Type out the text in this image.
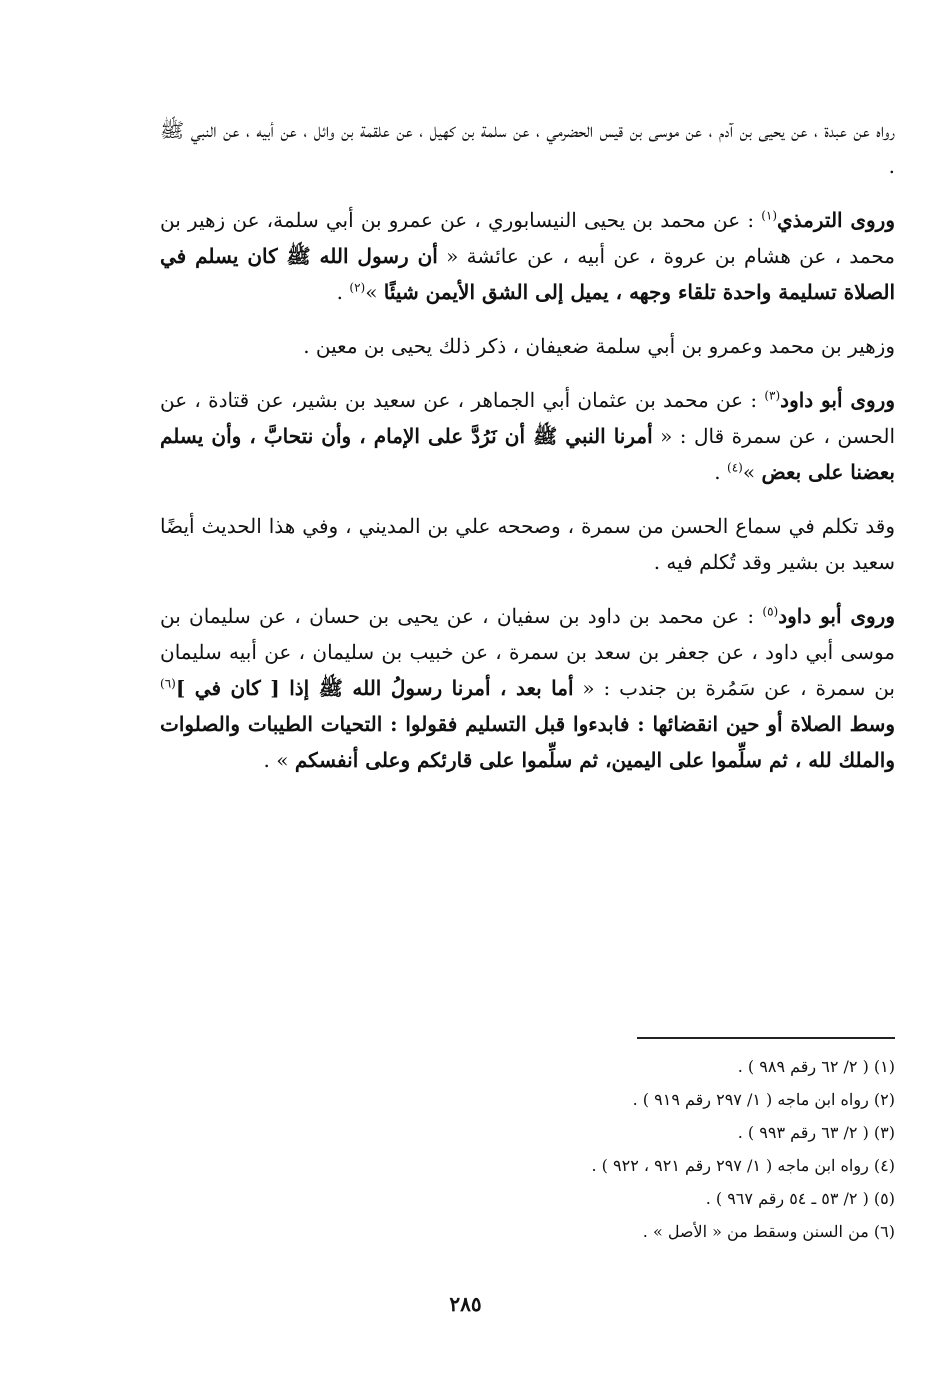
رواه عن عبدة ، عن يحيى بن آدم ، عن موسى بن قيس الحضرمي ، عن سلمة بن كهيل ، عن علقمة بن وائل ، عن أبيه ، عن النبي ﷺ .

وروى الترمذي$^{(١)}$ : عن محمد بن يحيى النيسابوري ، عن عمرو بن أبي سلمة، عن زهير بن محمد ، عن هشام بن عروة ، عن أبيه ، عن عائشة « أن رسول الله ﷺ كان يسلم في الصلاة تسليمة واحدة تلقاء وجهه ، يميل إلى الشق الأيمن شيئًا »$^{(٢)}$ .

وزهير بن محمد وعمرو بن أبي سلمة ضعيفان ، ذكر ذلك يحيى بن معين .

وروى أبو داود$^{(٣)}$ : عن محمد بن عثمان أبي الجماهر ، عن سعيد بن بشير، عن قتادة ، عن الحسن ، عن سمرة قال : « أمرنا النبي ﷺ أن نَرُدَّ على الإمام ، وأن نتحابَّ ، وأن يسلم بعضنا على بعض »$^{(٤)}$ .

وقد تكلم في سماع الحسن من سمرة ، وصححه علي بن المديني ، وفي هذا الحديث أيضًا سعيد بن بشير وقد تُكلم فيه .

وروى أبو داود$^{(٥)}$ : عن محمد بن داود بن سفيان ، عن يحيى بن حسان ، عن سليمان بن موسى أبي داود ، عن جعفر بن سعد بن سمرة ، عن خبيب بن سليمان ، عن أبيه سليمان بن سمرة ، عن سَمُرة بن جندب : « أما بعد ، أمرنا رسولُ الله ﷺ إذا [ كان في ]$^{(٦)}$ وسط الصلاة أو حين انقضائها : فابدءوا قبل التسليم فقولوا : التحيات الطيبات والصلوات والملك لله ، ثم سلِّموا على اليمين، ثم سلِّموا على قارئكم وعلى أنفسكم » .

(١) ( ٢/ ٦٢ رقم ٩٨٩ ) .
(٢) رواه ابن ماجه ( ١/ ٢٩٧ رقم ٩١٩ ) .
(٣) ( ٢/ ٦٣ رقم ٩٩٣ ) .
(٤) رواه ابن ماجه ( ١/ ٢٩٧ رقم ٩٢١ ، ٩٢٢ ) .
(٥) ( ٢/ ٥٣ ـ ٥٤ رقم ٩٦٧ ) .
(٦) من السنن وسقط من « الأصل » .
٢٨٥
